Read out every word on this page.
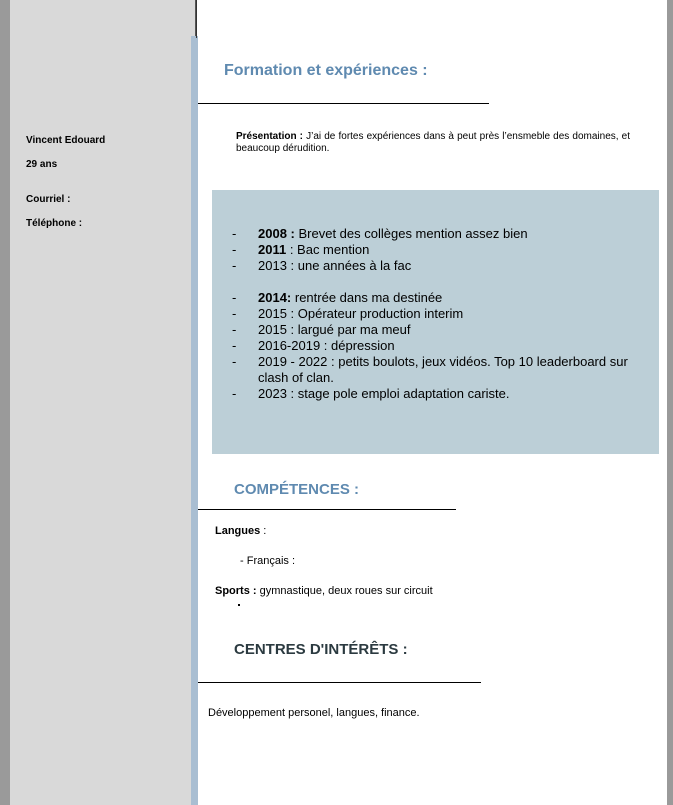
Vincent Edouard
29 ans
Courriel :
Téléphone :
Formation et expériences :
Présentation : J’ai de fortes expériences dans à peut près l’ensmeble des domaines, et beaucoup dérudition.
- 2008 : Brevet des collèges mention assez bien
- 2011 : Bac mention
- 2013 : une années à la fac
- 2014: rentrée dans ma destinée
- 2015 : Opérateur production interim
- 2015 : largué par ma meuf
- 2016-2019 : dépression
- 2019 - 2022 : petits boulots, jeux vidéos. Top 10 leaderboard sur clash of clan.
- 2023 : stage pole emploi adaptation cariste.
COMPÉTENCES :
Langues :
- Français :
Sports : gymnastique, deux roues sur circuit
CENTRES D'INTÉRÊTS :
Développement personel, langues, finance.
